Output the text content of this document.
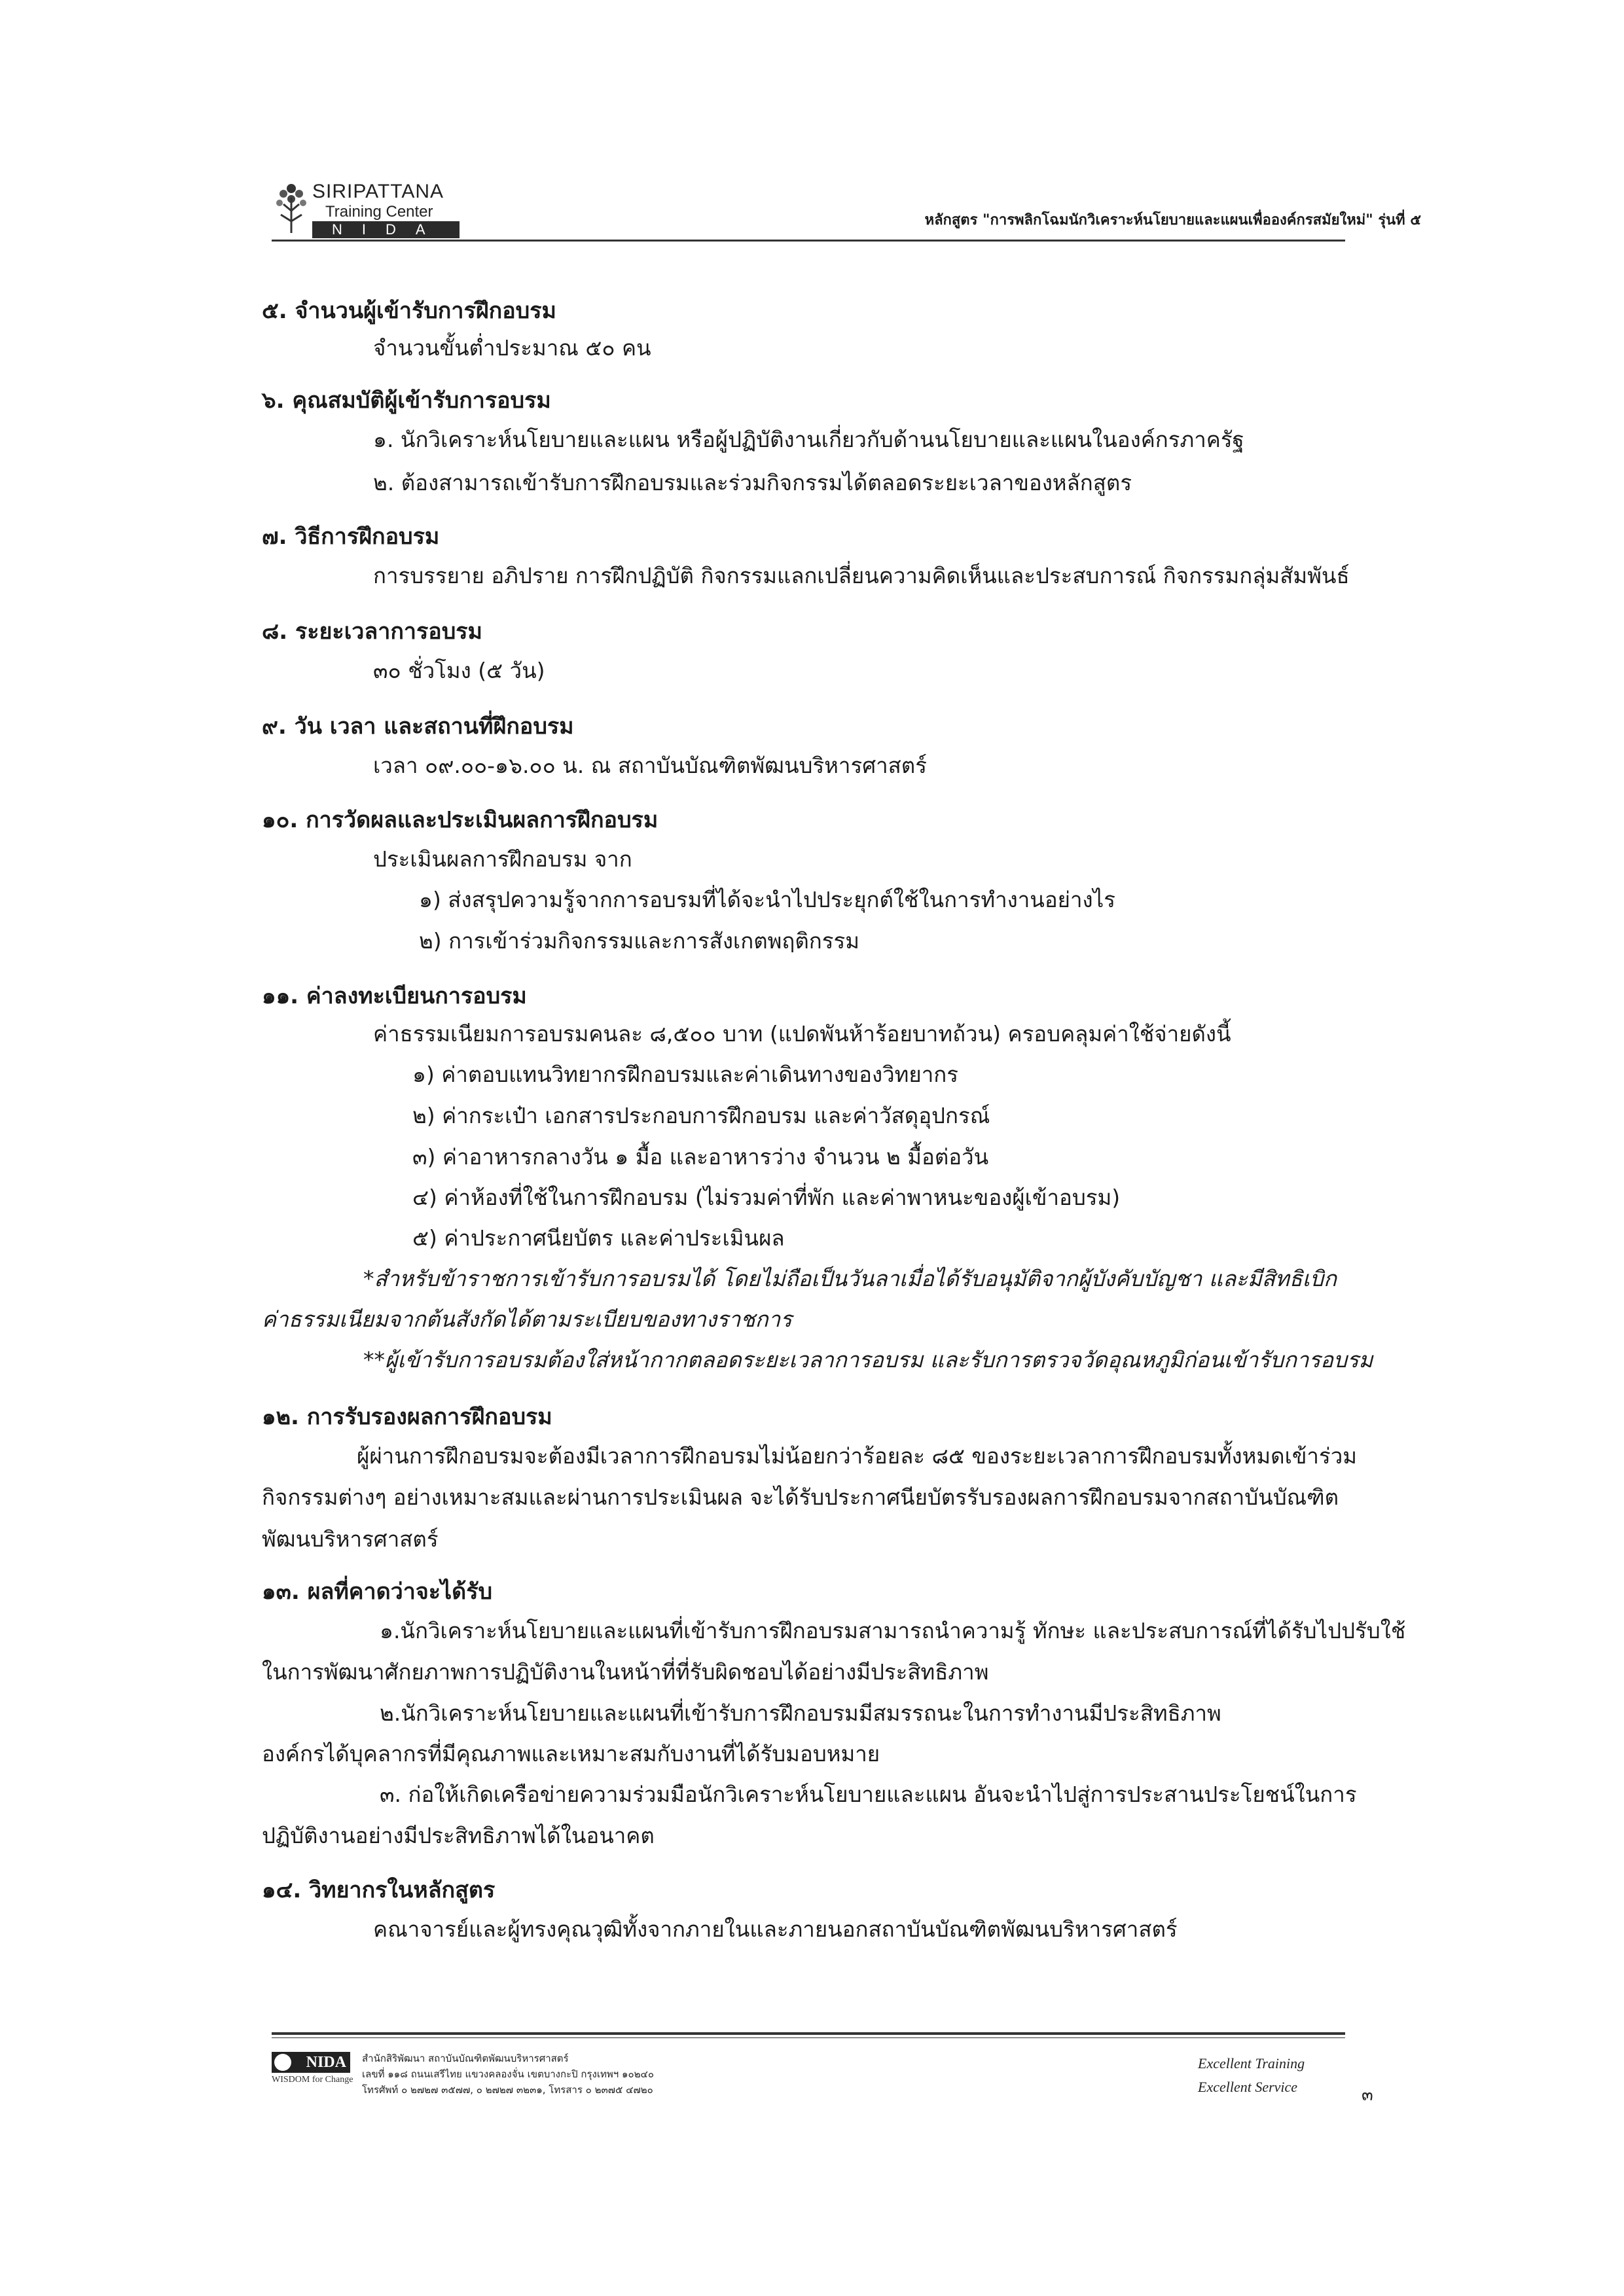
SIRIPATTANA
Training Center
NIDA
หลักสูตร "การพลิกโฉมนักวิเคราะห์นโยบายและแผนเพื่อองค์กรสมัยใหม่" รุ่นที่ ๕
๕. จำนวนผู้เข้ารับการฝึกอบรม
จำนวนขั้นต่ำประมาณ ๕๐ คน
๖. คุณสมบัติผู้เข้ารับการอบรม
๑. นักวิเคราะห์นโยบายและแผน หรือผู้ปฏิบัติงานเกี่ยวกับด้านนโยบายและแผนในองค์กรภาครัฐ
๒. ต้องสามารถเข้ารับการฝึกอบรมและร่วมกิจกรรมได้ตลอดระยะเวลาของหลักสูตร
๗. วิธีการฝึกอบรม
การบรรยาย อภิปราย การฝึกปฏิบัติ กิจกรรมแลกเปลี่ยนความคิดเห็นและประสบการณ์ กิจกรรมกลุ่มสัมพันธ์
๘. ระยะเวลาการอบรม
๓๐ ชั่วโมง (๕ วัน)
๙. วัน เวลา และสถานที่ฝึกอบรม
เวลา ๐๙.๐๐-๑๖.๐๐ น. ณ สถาบันบัณฑิตพัฒนบริหารศาสตร์
๑๐. การวัดผลและประเมินผลการฝึกอบรม
ประเมินผลการฝึกอบรม จาก
๑) ส่งสรุปความรู้จากการอบรมที่ได้จะนำไปประยุกต์ใช้ในการทำงานอย่างไร
๒) การเข้าร่วมกิจกรรมและการสังเกตพฤติกรรม
๑๑. ค่าลงทะเบียนการอบรม
ค่าธรรมเนียมการอบรมคนละ ๘,๕๐๐ บาท (แปดพันห้าร้อยบาทถ้วน) ครอบคลุมค่าใช้จ่ายดังนี้
๑) ค่าตอบแทนวิทยากรฝึกอบรมและค่าเดินทางของวิทยากร
๒) ค่ากระเป๋า เอกสารประกอบการฝึกอบรม และค่าวัสดุอุปกรณ์
๓) ค่าอาหารกลางวัน ๑ มื้อ และอาหารว่าง จำนวน ๒ มื้อต่อวัน
๔) ค่าห้องที่ใช้ในการฝึกอบรม (ไม่รวมค่าที่พัก และค่าพาหนะของผู้เข้าอบรม)
๕) ค่าประกาศนียบัตร และค่าประเมินผล
*สำหรับข้าราชการเข้ารับการอบรมได้ โดยไม่ถือเป็นวันลาเมื่อได้รับอนุมัติจากผู้บังคับบัญชา และมีสิทธิเบิก
ค่าธรรมเนียมจากต้นสังกัดได้ตามระเบียบของทางราชการ
**ผู้เข้ารับการอบรมต้องใส่หน้ากากตลอดระยะเวลาการอบรม และรับการตรวจวัดอุณหภูมิก่อนเข้ารับการอบรม
๑๒. การรับรองผลการฝึกอบรม
ผู้ผ่านการฝึกอบรมจะต้องมีเวลาการฝึกอบรมไม่น้อยกว่าร้อยละ ๘๕ ของระยะเวลาการฝึกอบรมทั้งหมดเข้าร่วม
กิจกรรมต่างๆ อย่างเหมาะสมและผ่านการประเมินผล จะได้รับประกาศนียบัตรรับรองผลการฝึกอบรมจากสถาบันบัณฑิต
พัฒนบริหารศาสตร์
๑๓. ผลที่คาดว่าจะได้รับ
๑.นักวิเคราะห์นโยบายและแผนที่เข้ารับการฝึกอบรมสามารถนำความรู้ ทักษะ และประสบการณ์ที่ได้รับไปปรับใช้
ในการพัฒนาศักยภาพการปฏิบัติงานในหน้าที่ที่รับผิดชอบได้อย่างมีประสิทธิภาพ
๒.นักวิเคราะห์นโยบายและแผนที่เข้ารับการฝึกอบรมมีสมรรถนะในการทำงานมีประสิทธิภาพ
องค์กรได้บุคลากรที่มีคุณภาพและเหมาะสมกับงานที่ได้รับมอบหมาย
๓. ก่อให้เกิดเครือข่ายความร่วมมือนักวิเคราะห์นโยบายและแผน อันจะนำไปสู่การประสานประโยชน์ในการ
ปฏิบัติงานอย่างมีประสิทธิภาพได้ในอนาคต
๑๔. วิทยากรในหลักสูตร
คณาจารย์และผู้ทรงคุณวุฒิทั้งจากภายในและภายนอกสถาบันบัณฑิตพัฒนบริหารศาสตร์
NIDA
WISDOM for Change
สำนักสิริพัฒนา สถาบันบัณฑิตพัฒนบริหารศาสตร์
เลขที่ ๑๑๘ ถนนเสรีไทย แขวงคลองจั่น เขตบางกะปิ กรุงเทพฯ ๑๐๒๔๐
โทรศัพท์ ๐ ๒๗๒๗ ๓๕๗๗, ๐ ๒๗๒๗ ๓๒๓๑, โทรสาร ๐ ๒๓๗๕ ๔๗๒๐
Excellent Training
Excellent Service	๓
